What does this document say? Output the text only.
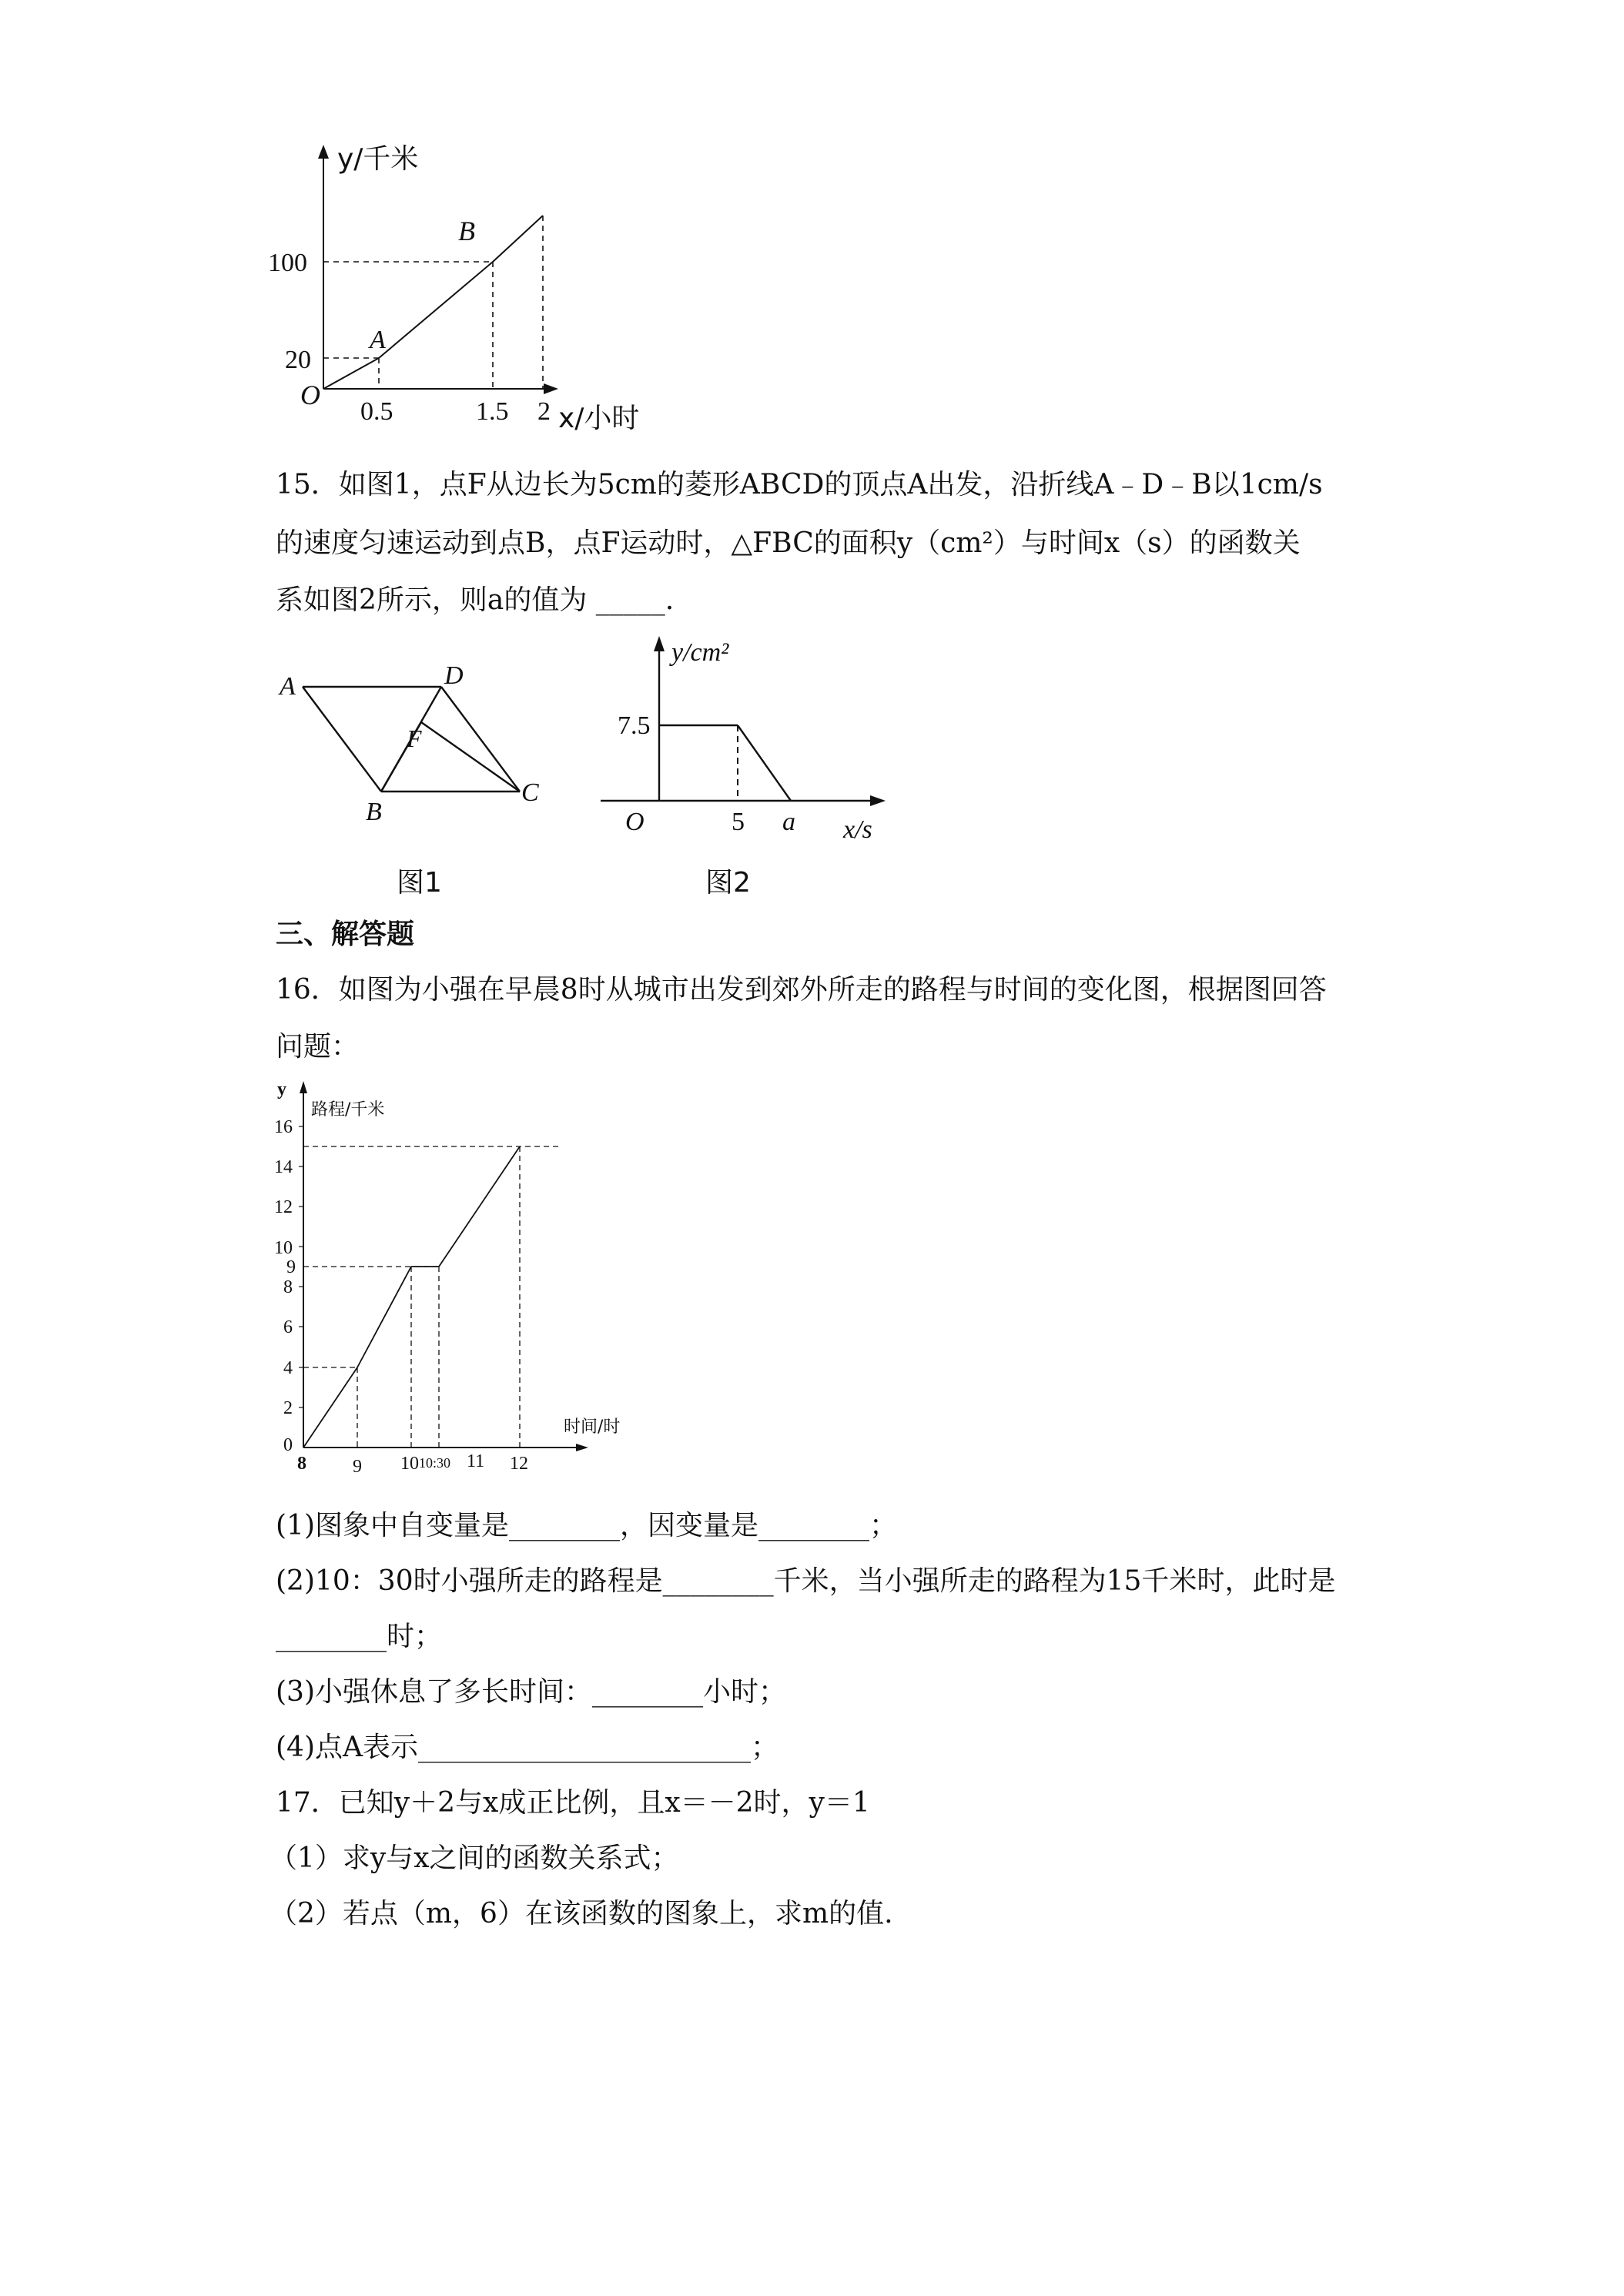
y/千米
100
20
O
0.5	1.5 2 x/小时
A
B
15．如图1，点F从边长为5cm的菱形ABCD的顶点A出发，沿折线A﹣D﹣B以1cm/s
的速度匀速运动到点B，点F运动时，△FBC的面积y（cm²）与时间x（s）的函数关
系如图2所示，则a的值为 _____.
A	D
B
C
F
图1
y/cm²
7.5
O	5 a x/s
图2
三、解答题
16．如图为小强在早晨8时从城市出发到郊外所走的路程与时间的变化图，根据图回答
问题：
y
路程/千米
时间/时
16
14
12
10
9
8
6
4
2
0
8	9 10 10:30 11 12
(1)图象中自变量是________，因变量是________；
(2)10：30时小强所走的路程是________千米，当小强所走的路程为15千米时，此时是
________时；
(3)小强休息了多长时间：________小时；
(4)点A表示________________________；
17．已知y＋2与x成正比例，且x＝－2时，y＝1
（1）求y与x之间的函数关系式；
（2）若点（m，6）在该函数的图象上，求m的值.
